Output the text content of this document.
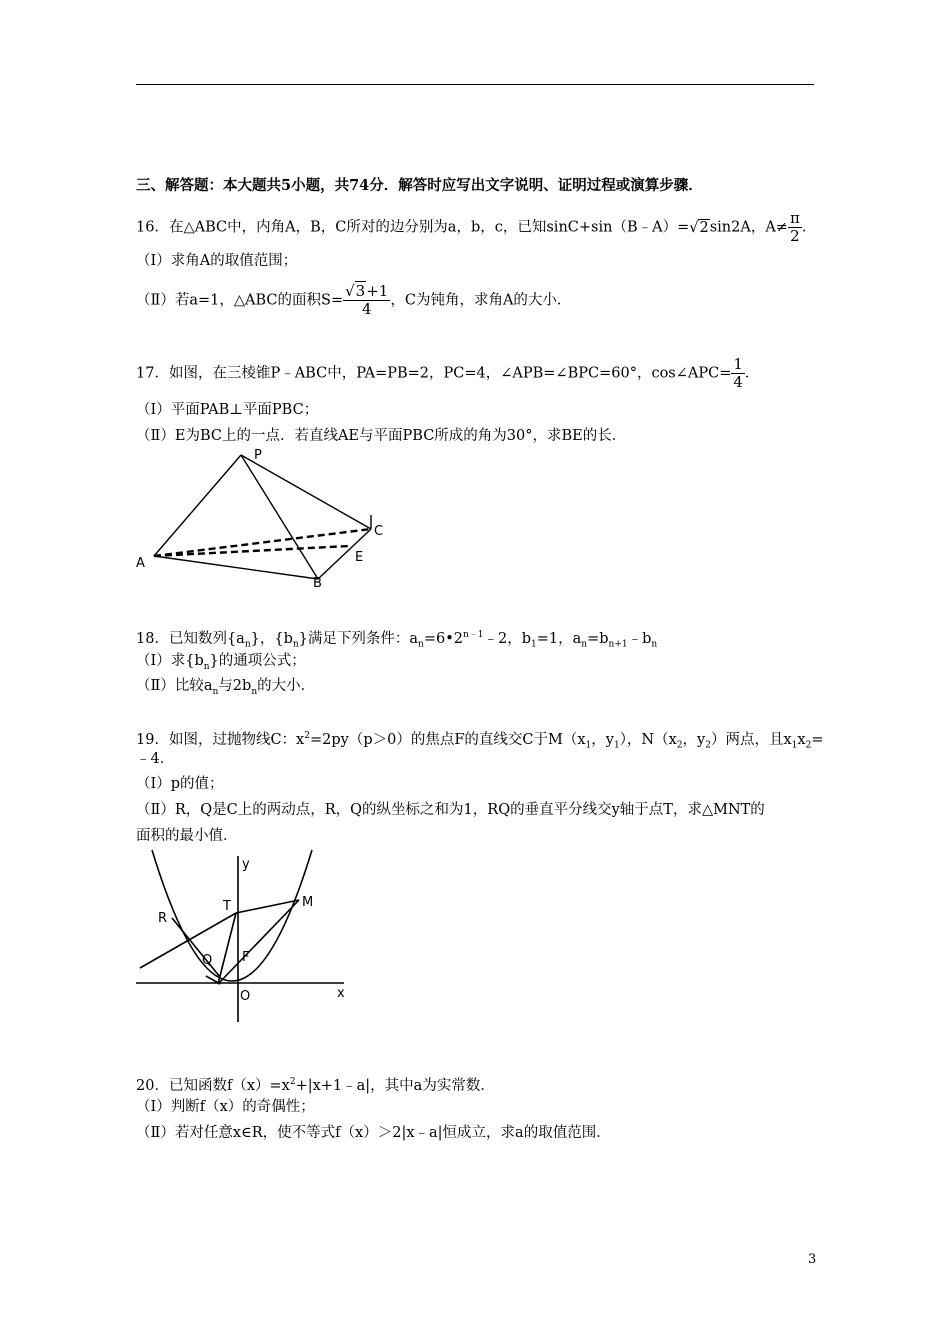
三、解答题：本大题共5小题，共74分．解答时应写出文字说明、证明过程或演算步骤．
16．在△ABC中，内角A，B，C所对的边分别为a，b，c，已知sinC+sin（B﹣A）=√2sin2A，$A\ne \frac{\pi}{2}$ ．
（Ⅰ）求角A的取值范围；
（Ⅱ）若a=1，△ABC的面积$S= \frac{√3+1}{4}$ ，C为钝角，求角A的大小．
17．如图，在三棱锥P﹣ABC中，PA=PB=2，PC=4，∠APB=∠BPC=60°，cos∠APC= $\frac{1}{4}$ ．
（Ⅰ）平面PAB⊥平面PBC；
（Ⅱ）E为BC上的一点．若直线AE与平面PBC所成的角为30°，求BE的长．
P
A
B
C
E
18．已知数列$\{a_n\}$，$\{b_n\}$满足下列条件：$a_n=6•2^{n﹣1}﹣2$，$b_1=1$，$a_n=b_{n+1}﹣b_n$
（Ⅰ）求$\{b_n\}$的通项公式；
（Ⅱ）比较$a_n$与$2b_n$的大小．
19．如图，过抛物线C：$x^2=2py(p>0)$的焦点F的直线交C于$M(x_1$，$y_1$），$N(x_2$，$y_2$）两点，且$x_1x_2=$
﹣4．
（Ⅰ）p的值；
（Ⅱ）R，Q是C上的两动点，R，Q的纵坐标之和为1，RQ的垂直平分线交y轴于点T，求△MNT的
面积的最小值．
y
x
R
T	M
Q F
O
20．已知函数$f(x)=x^2+|x+1﹣a|$，其中a为实常数．
（Ⅰ）判断f（x）的奇偶性；
（Ⅱ）若对任意x∈R，使不等式f（x）＞2|x﹣a|恒成立，求a的取值范围．
3
